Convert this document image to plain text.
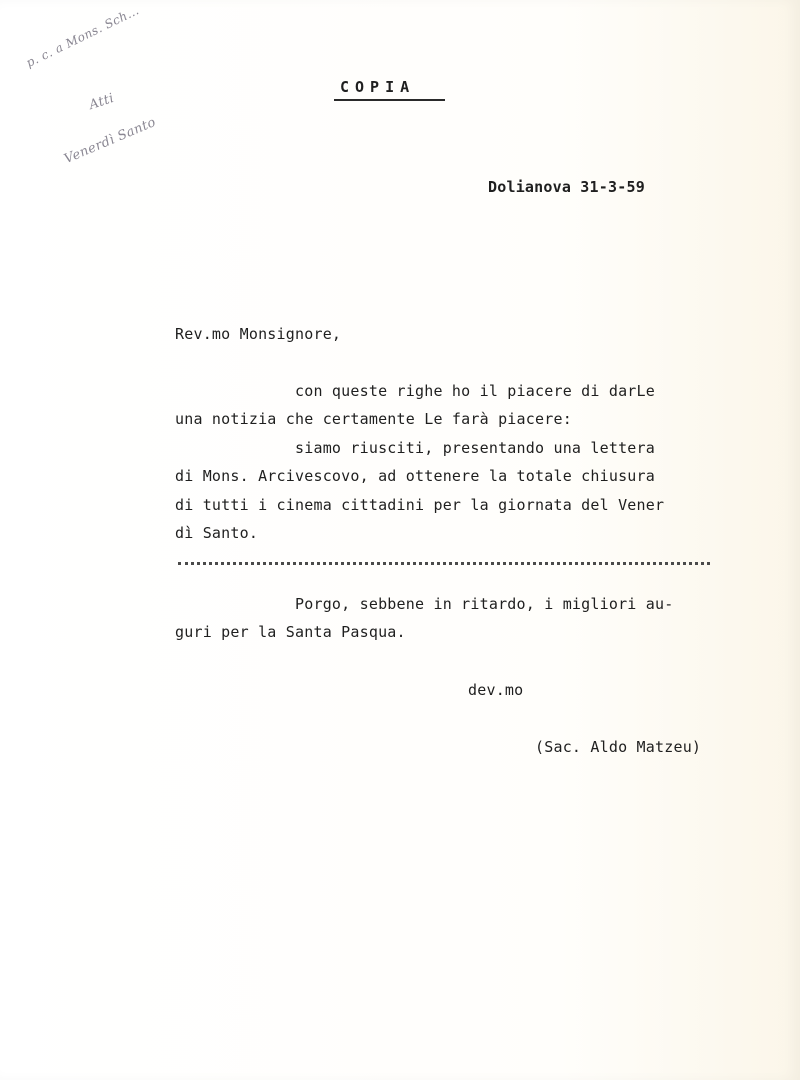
p. c. a Mons. Sch...
Atti
Venerdì Santo
COPIA
Dolianova 31-3-59
Rev.mo Monsignore,
con queste righe ho il piacere di darLe
una notizia che certamente Le farà piacere:
siamo riusciti, presentando una lettera
di Mons. Arcivescovo, ad ottenere la totale chiusura
di tutti i cinema cittadini per la giornata del Vener
dì Santo.
Porgo, sebbene in ritardo, i migliori au-
guri per la Santa Pasqua.
dev.mo
(Sac. Aldo Matzeu)
